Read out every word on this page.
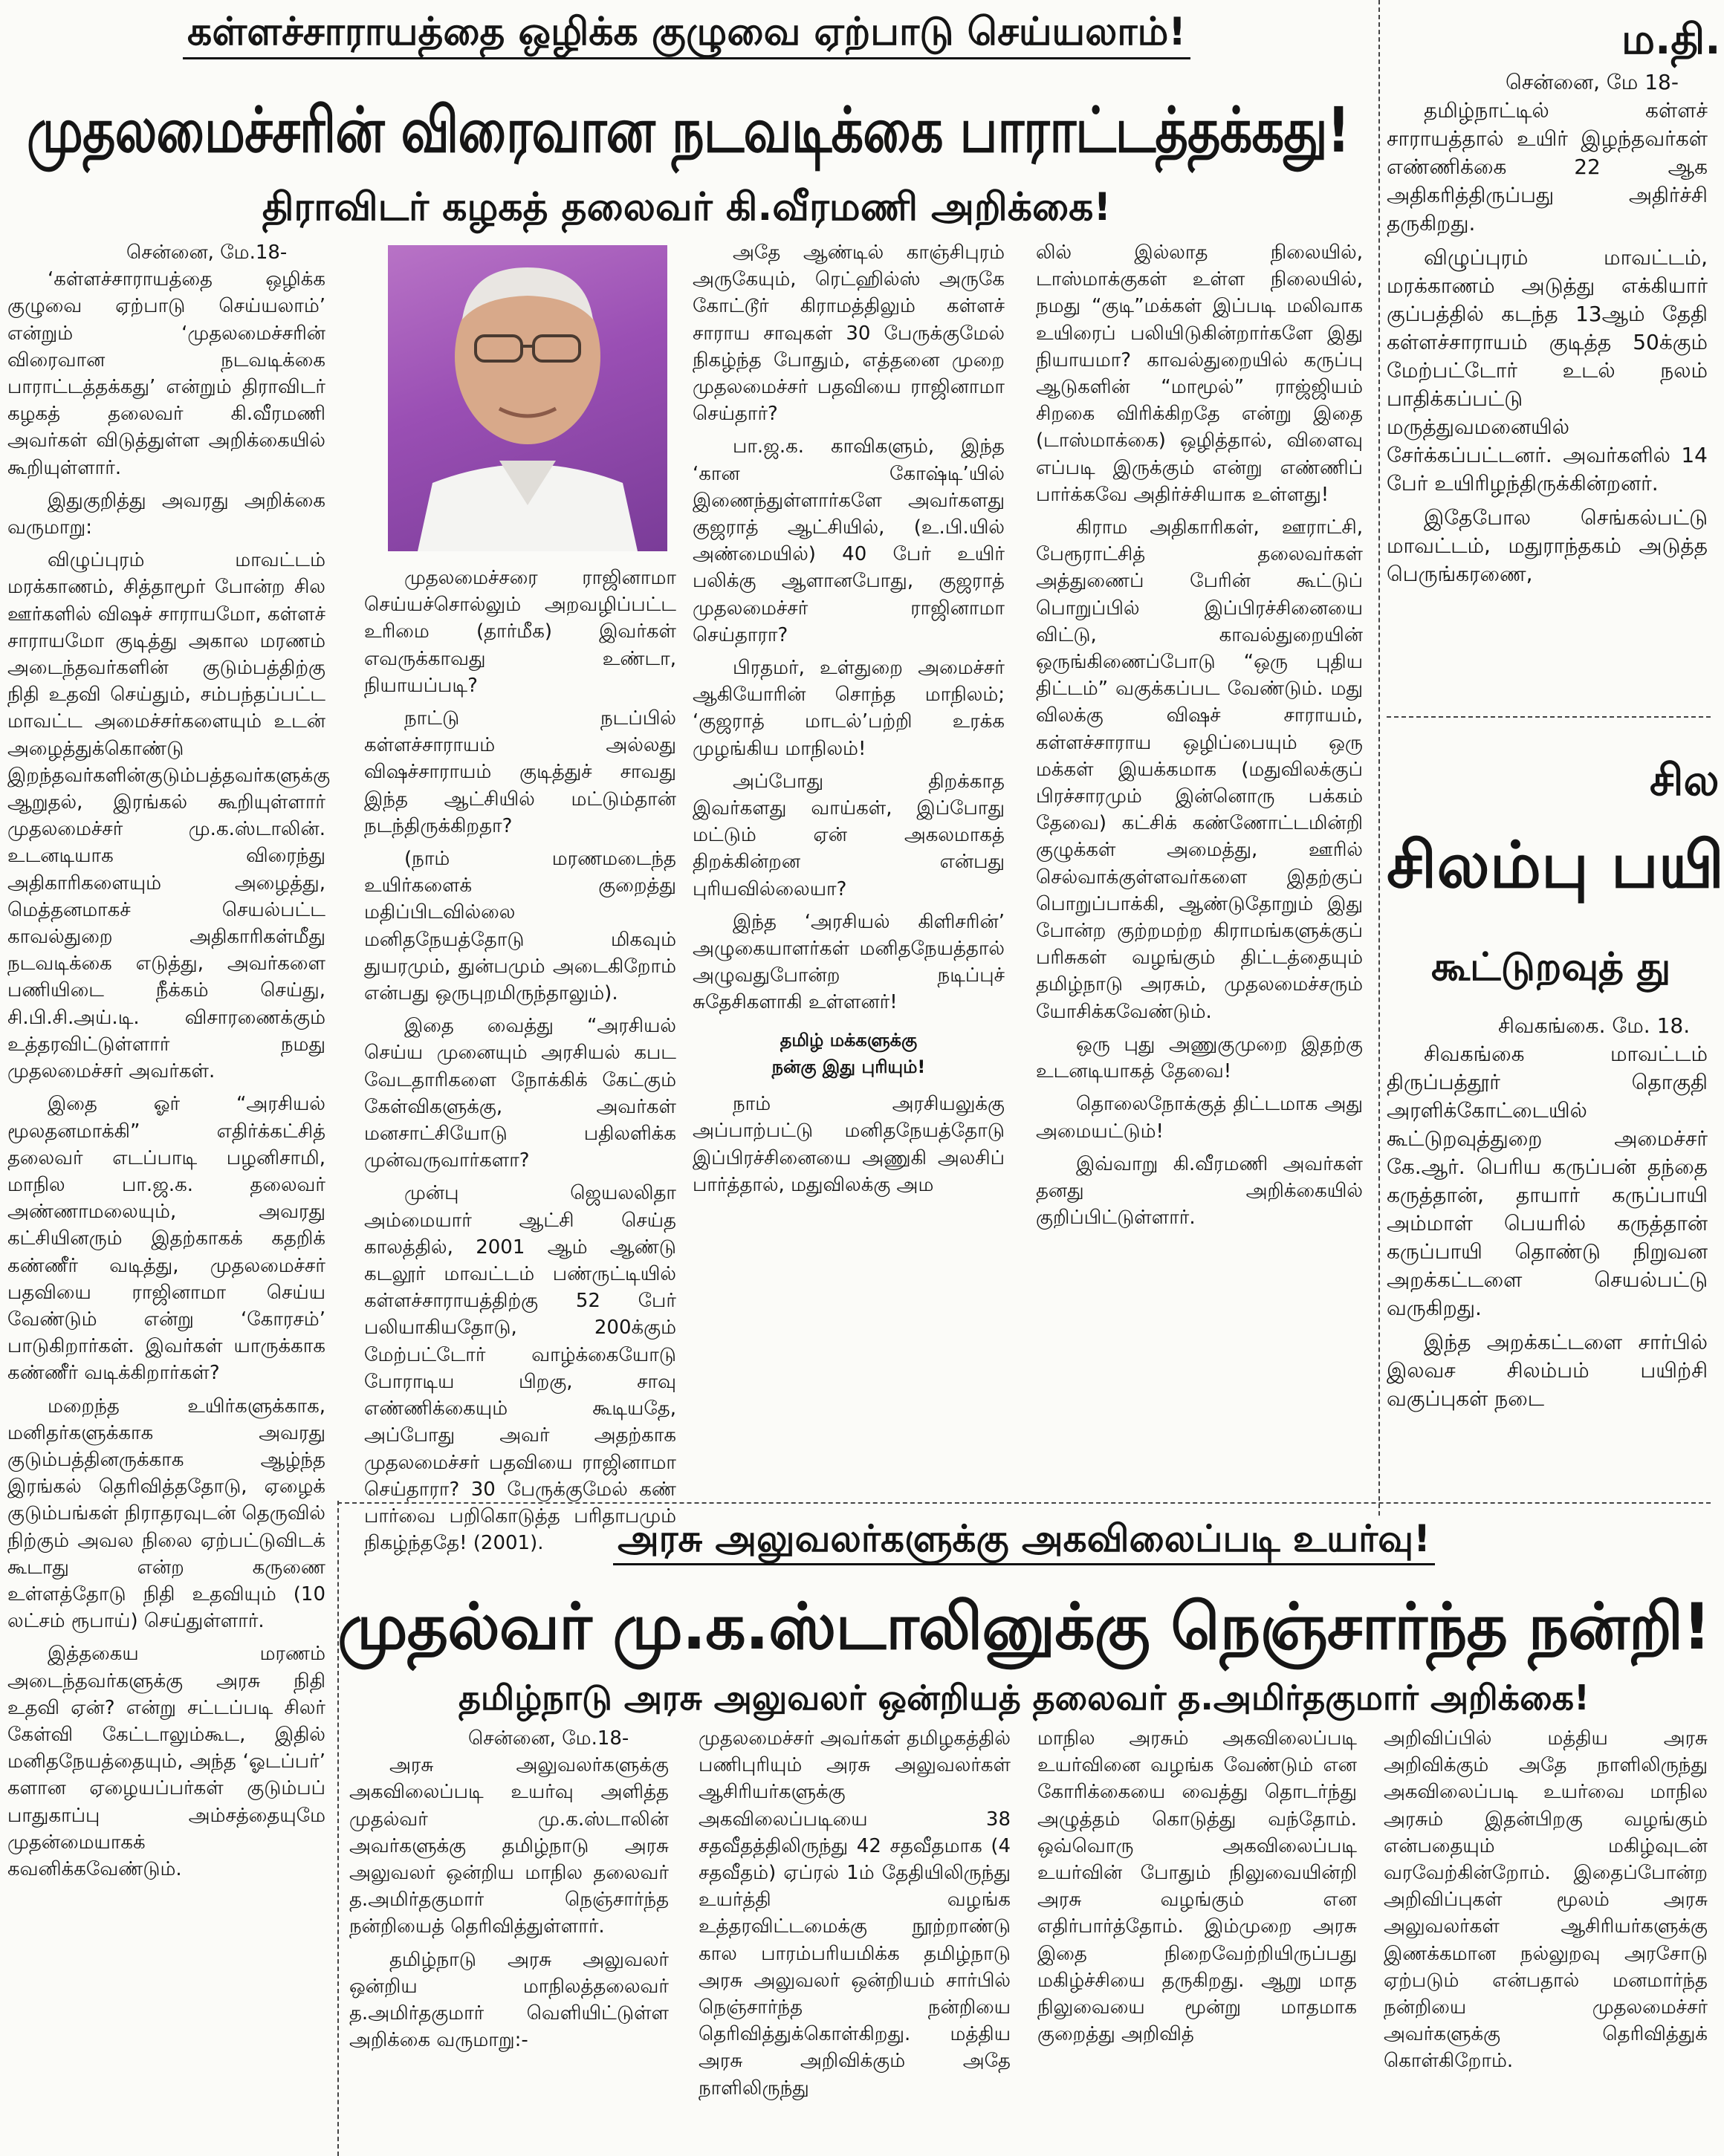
கள்ளச்சாராயத்தை ஒழிக்க குழுவை ஏற்பாடு செய்யலாம்!
முதலமைச்சரின் விரைவான நடவடிக்கை பாராட்டத்தக்கது!
திராவிடர் கழகத் தலைவர் கி.வீரமணி அறிக்கை!
சென்னை, மே.18-

‘கள்ளச்சாராயத்தை ஒழிக்க குழுவை ஏற்பாடு செய்யலாம்’ என்றும் ‘முதலமைச்சரின் விரைவான நடவடிக்கை பாராட்டத்தக்கது’ என்றும் திராவிடர் கழகத் தலைவர் கி.வீரமணி அவர்கள் விடுத்துள்ள அறிக்கையில் கூறியுள்ளார்.

இதுகுறித்து அவரது அறிக்கை வருமாறு:

விழுப்புரம் மாவட்டம் மரக்காணம், சித்தாமூர் போன்ற சில ஊர்களில் விஷச் சாராயமோ, கள்ளச் சாராயமோ குடித்து அகால மரணம் அடைந்தவர்களின் குடும்பத்திற்கு நிதி உதவி செய்தும், சம்பந்தப்பட்ட மாவட்ட அமைச்சர்களையும் உடன் அழைத்துக்கொண்டு இறந்தவர்களின்குடும்பத்தவர்களுக்கு ஆறுதல், இரங்கல் கூறியுள்ளார் முதலமைச்சர் மு.க.ஸ்டாலின். உடனடியாக விரைந்து அதிகாரிகளையும் அழைத்து, மெத்தனமாகச் செயல்பட்ட காவல்துறை அதிகாரிகள்மீது நடவடிக்கை எடுத்து, அவர்களை பணியிடை நீக்கம் செய்து, சி.பி.சி.அய்.டி. விசாரணைக்கும் உத்தரவிட்டுள்ளார் நமது முதலமைச்சர் அவர்கள்.

இதை ஓர் “அரசியல் மூலதனமாக்கி” எதிர்க்கட்சித் தலைவர் எடப்பாடி பழனிசாமி, மாநில பா.ஜ.க. தலைவர் அண்ணாமலையும், அவரது கட்சியினரும் இதற்காகக் கதறிக் கண்ணீர் வடித்து, முதலமைச்சர் பதவியை ராஜினாமா செய்ய வேண்டும் என்று ‘கோரசம்’ பாடுகிறார்கள். இவர்கள் யாருக்காக கண்ணீர் வடிக்கிறார்கள்?

மறைந்த உயிர்களுக்காக, மனிதர்களுக்காக அவரது குடும்பத்தினருக்காக ஆழ்ந்த இரங்கல் தெரிவித்ததோடு, ஏழைக் குடும்பங்கள் நிராதரவுடன் தெருவில் நிற்கும் அவல நிலை ஏற்பட்டுவிடக் கூடாது என்ற கருணை உள்ளத்தோடு நிதி உதவியும் (10 லட்சம் ரூபாய்) செய்துள்ளார்.

இத்தகைய மரணம் அடைந்தவர்களுக்கு அரசு நிதி உதவி ஏன்? என்று சட்டப்படி சிலர் கேள்வி கேட்டாலும்கூட, இதில் மனிதநேயத்தையும், அந்த ‘ஓடப்பர்’ களான ஏழையப்பர்கள் குடும்பப் பாதுகாப்பு அம்சத்தையுமே முதன்மையாகக் கவனிக்கவேண்டும்.

முதலமைச்சரை ராஜினாமா செய்யச்சொல்லும் அறவழிப்பட்ட உரிமை (தார்மீக) இவர்கள் எவருக்காவது உண்டா, நியாயப்படி?

நாட்டு நடப்பில் கள்ளச்சாராயம் அல்லது விஷச்சாராயம் குடித்துச் சாவது இந்த ஆட்சியில் மட்டும்தான் நடந்திருக்கிறதா?

(நாம் மரணமடைந்த உயிர்களைக் குறைத்து மதிப்பிடவில்லை மனிதநேயத்தோடு மிகவும் துயரமும், துன்பமும் அடைகிறோம் என்பது ஒருபுறமிருந்தாலும்).

இதை வைத்து “அரசியல் செய்ய முனையும் அரசியல் கபட வேடதாரிகளை நோக்கிக் கேட்கும் கேள்விகளுக்கு, அவர்கள் மனசாட்சியோடு பதிலளிக்க முன்வருவார்களா?

முன்பு ஜெயலலிதா அம்மையார் ஆட்சி செய்த காலத்தில், 2001 ஆம் ஆண்டு கடலூர் மாவட்டம் பண்ருட்டியில் கள்ளச்சாராயத்திற்கு 52 பேர் பலியாகியதோடு, 200க்கும் மேற்பட்டோர் வாழ்க்கையோடு போராடிய பிறகு, சாவு எண்ணிக்கையும் கூடியதே, அப்போது அவர் அதற்காக முதலமைச்சர் பதவியை ராஜினாமா செய்தாரா? 30 பேருக்குமேல் கண் பார்வை பறிகொடுத்த பரிதாபமும் நிகழ்ந்ததே! (2001).

அதே ஆண்டில் காஞ்சிபுரம் அருகேயும், ரெட்ஹில்ஸ் அருகே கோட்டூர் கிராமத்திலும் கள்ளச் சாராய சாவுகள் 30 பேருக்குமேல் நிகழ்ந்த போதும், எத்தனை முறை முதலமைச்சர் பதவியை ராஜினாமா செய்தார்?

பா.ஜ.க. காவிகளும், இந்த ‘கான கோஷ்டி’யில் இணைந்துள்ளார்களே அவர்களது குஜராத் ஆட்சியில், (உ.பி.யில் அண்மையில்) 40 பேர் உயிர் பலிக்கு ஆளானபோது, குஜராத் முதலமைச்சர் ராஜினாமா செய்தாரா?

பிரதமர், உள்துறை அமைச்சர் ஆகியோரின் சொந்த மாநிலம்; ‘குஜராத் மாடல்’பற்றி உரக்க முழங்கிய மாநிலம்!

அப்போது திறக்காத இவர்களது வாய்கள், இப்போது மட்டும் ஏன் அகலமாகத் திறக்கின்றன என்பது புரியவில்லையா?

இந்த ‘அரசியல் கிளிசரின்’ அழுகையாளர்கள் மனிதநேயத்தால் அழுவதுபோன்ற நடிப்புச் சுதேசிகளாகி உள்ளனர்!

தமிழ் மக்களுக்கு
நன்கு இது புரியும்!

நாம் அரசியலுக்கு அப்பாற்பட்டு மனிதநேயத்தோடு இப்பிரச்சினையை அணுகி அலசிப் பார்த்தால், மதுவிலக்கு அம

லில் இல்லாத நிலையில், டாஸ்மாக்குகள் உள்ள நிலையில், நமது “குடி”மக்கள் இப்படி மலிவாக உயிரைப் பலியிடுகின்றார்களே இது நியாயமா? காவல்துறையில் கருப்பு ஆடுகளின் “மாமூல்” ராஜ்ஜியம் சிறகை விரிக்கிறதே என்று இதை (டாஸ்மாக்கை) ஒழித்தால், விளைவு எப்படி இருக்கும் என்று எண்ணிப் பார்க்கவே அதிர்ச்சியாக உள்ளது!

கிராம அதிகாரிகள், ஊராட்சி, பேரூராட்சித் தலைவர்கள் அத்துணைப் பேரின் கூட்டுப் பொறுப்பில் இப்பிரச்சினையை விட்டு, காவல்துறையின் ஒருங்கிணைப்போடு “ஒரு புதிய திட்டம்” வகுக்கப்பட வேண்டும். மது விலக்கு விஷச் சாராயம், கள்ளச்சாராய ஒழிப்பையும் ஒரு மக்கள் இயக்கமாக (மதுவிலக்குப் பிரச்சாரமும் இன்னொரு பக்கம் தேவை) கட்சிக் கண்ணோட்டமின்றி குழுக்கள் அமைத்து, ஊரில் செல்வாக்குள்ளவர்களை இதற்குப் பொறுப்பாக்கி, ஆண்டுதோறும் இது போன்ற குற்றமற்ற கிராமங்களுக்குப் பரிசுகள் வழங்கும் திட்டத்தையும் தமிழ்நாடு அரசும், முதலமைச்சரும் யோசிக்கவேண்டும்.

ஒரு புது அணுகுமுறை இதற்கு உடனடியாகத் தேவை!

தொலைநோக்குத் திட்டமாக அது அமையட்டும்!

இவ்வாறு கி.வீரமணி அவர்கள் தனது அறிக்கையில் குறிப்பிட்டுள்ளார்.

ம.தி.
சென்னை, மே 18-

தமிழ்நாட்டில் கள்ளச் சாராயத்தால் உயிர் இழந்தவர்கள் எண்ணிக்கை 22 ஆக அதிகரித்திருப்பது அதிர்ச்சி தருகிறது.

விழுப்புரம் மாவட்டம், மரக்காணம் அடுத்து எக்கியார் குப்பத்தில் கடந்த 13ஆம் தேதி கள்ளச்சாராயம் குடித்த 50க்கும் மேற்பட்டோர் உடல் நலம் பாதிக்கப்பட்டு மருத்துவமனையில் சேர்க்கப்பட்டனர். அவர்களில் 14 பேர் உயிரிழந்திருக்கின்றனர்.

இதேபோல செங்கல்பட்டு மாவட்டம், மதுராந்தகம் அடுத்த பெருங்கரணை,

சில
சிலம்பு பயி
கூட்டுறவுத் து
சிவகங்கை. மே. 18.

சிவகங்கை மாவட்டம் திருப்பத்தூர் தொகுதி அரளிக்கோட்டையில் கூட்டுறவுத்துறை அமைச்சர் கே.ஆர். பெரிய கருப்பன் தந்தை கருத்தான், தாயார் கருப்பாயி அம்மாள் பெயரில் கருத்தான் கருப்பாயி தொண்டு நிறுவன அறக்கட்டளை செயல்பட்டு வருகிறது.

இந்த அறக்கட்டளை சார்பில் இலவச சிலம்பம் பயிற்சி வகுப்புகள் நடை

அரசு அலுவலர்களுக்கு அகவிலைப்படி உயர்வு!
முதல்வர் மு.க.ஸ்டாலினுக்கு நெஞ்சார்ந்த நன்றி!
தமிழ்நாடு அரசு அலுவலர் ஒன்றியத் தலைவர் த.அமிர்தகுமார் அறிக்கை!
சென்னை, மே.18-

அரசு அலுவலர்களுக்கு அகவிலைப்படி உயர்வு அளித்த முதல்வர் மு.க.ஸ்டாலின் அவர்களுக்கு தமிழ்நாடு அரசு அலுவலர் ஒன்றிய மாநில தலைவர் த.அமிர்தகுமார் நெஞ்சார்ந்த நன்றியைத் தெரிவித்துள்ளார்.

தமிழ்நாடு அரசு அலுவலர் ஒன்றிய மாநிலத்தலைவர் த.அமிர்தகுமார் வெளியிட்டுள்ள அறிக்கை வருமாறு:-

முதலமைச்சர் அவர்கள் தமிழகத்தில் பணிபுரியும் அரசு அலுவலர்கள் ஆசிரியர்களுக்கு அகவிலைப்படியை 38 சதவீதத்திலிருந்து 42 சதவீதமாக (4 சதவீதம்) ஏப்ரல் 1ம் தேதியிலிருந்து உயர்த்தி வழங்க உத்தரவிட்டமைக்கு நூற்றாண்டு கால பாரம்பரியமிக்க தமிழ்நாடு அரசு அலுவலர் ஒன்றியம் சார்பில் நெஞ்சார்ந்த நன்றியை தெரிவித்துக்கொள்கிறது. மத்திய அரசு அறிவிக்கும் அதே நாளிலிருந்து

மாநில அரசும் அகவிலைப்படி உயர்வினை வழங்க வேண்டும் என கோரிக்கையை வைத்து தொடர்ந்து அழுத்தம் கொடுத்து வந்தோம். ஒவ்வொரு அகவிலைப்படி உயர்வின் போதும் நிலுவையின்றி அரசு வழங்கும் என எதிர்பார்த்தோம். இம்முறை அரசு இதை நிறைவேற்றியிருப்பது மகிழ்ச்சியை தருகிறது. ஆறு மாத நிலுவையை மூன்று மாதமாக குறைத்து அறிவித்

அறிவிப்பில் மத்திய அரசு அறிவிக்கும் அதே நாளிலிருந்து அகவிலைப்படி உயர்வை மாநில அரசும் இதன்பிறகு வழங்கும் என்பதையும் மகிழ்வுடன் வரவேற்கின்றோம். இதைப்போன்ற அறிவிப்புகள் மூலம் அரசு அலுவலர்கள் ஆசிரியர்களுக்கு இணக்கமான நல்லுறவு அரசோடு ஏற்படும் என்பதால் மனமார்ந்த நன்றியை முதலமைச்சர் அவர்களுக்கு தெரிவித்துக் கொள்கிறோம்.
